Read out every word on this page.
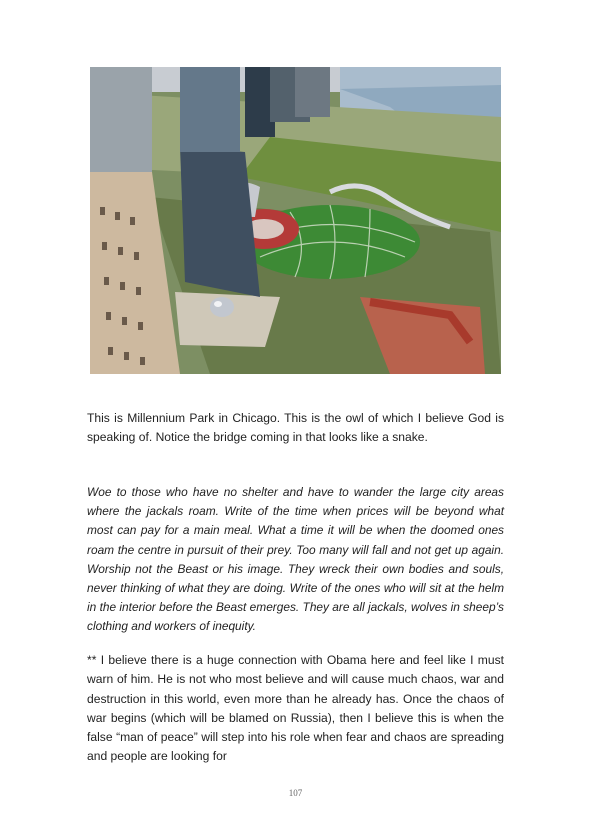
This is Millennium Park in Chicago. This is the owl of which I believe God is speaking of. Notice the bridge coming in that looks like a snake.

Woe to those who have no shelter and have to wander the large city areas where the jackals roam. Write of the time when prices will be beyond what most can pay for a main meal. What a time it will be when the doomed ones roam the centre in pursuit of their prey. Too many will fall and not get up again. Worship not the Beast or his image. They wreck their own bodies and souls, never thinking of what they are doing. Write of the ones who will sit at the helm in the interior before the Beast emerges. They are all jackals, wolves in sheep’s clothing and workers of inequity.

** I believe there is a huge connection with Obama here and feel like I must warn of him. He is not who most believe and will cause much chaos, war and destruction in this world, even more than he already has. Once the chaos of war begins (which will be blamed on Russia), then I believe this is when the false “man of peace” will step into his role when fear and chaos are spreading and people are looking for

107
